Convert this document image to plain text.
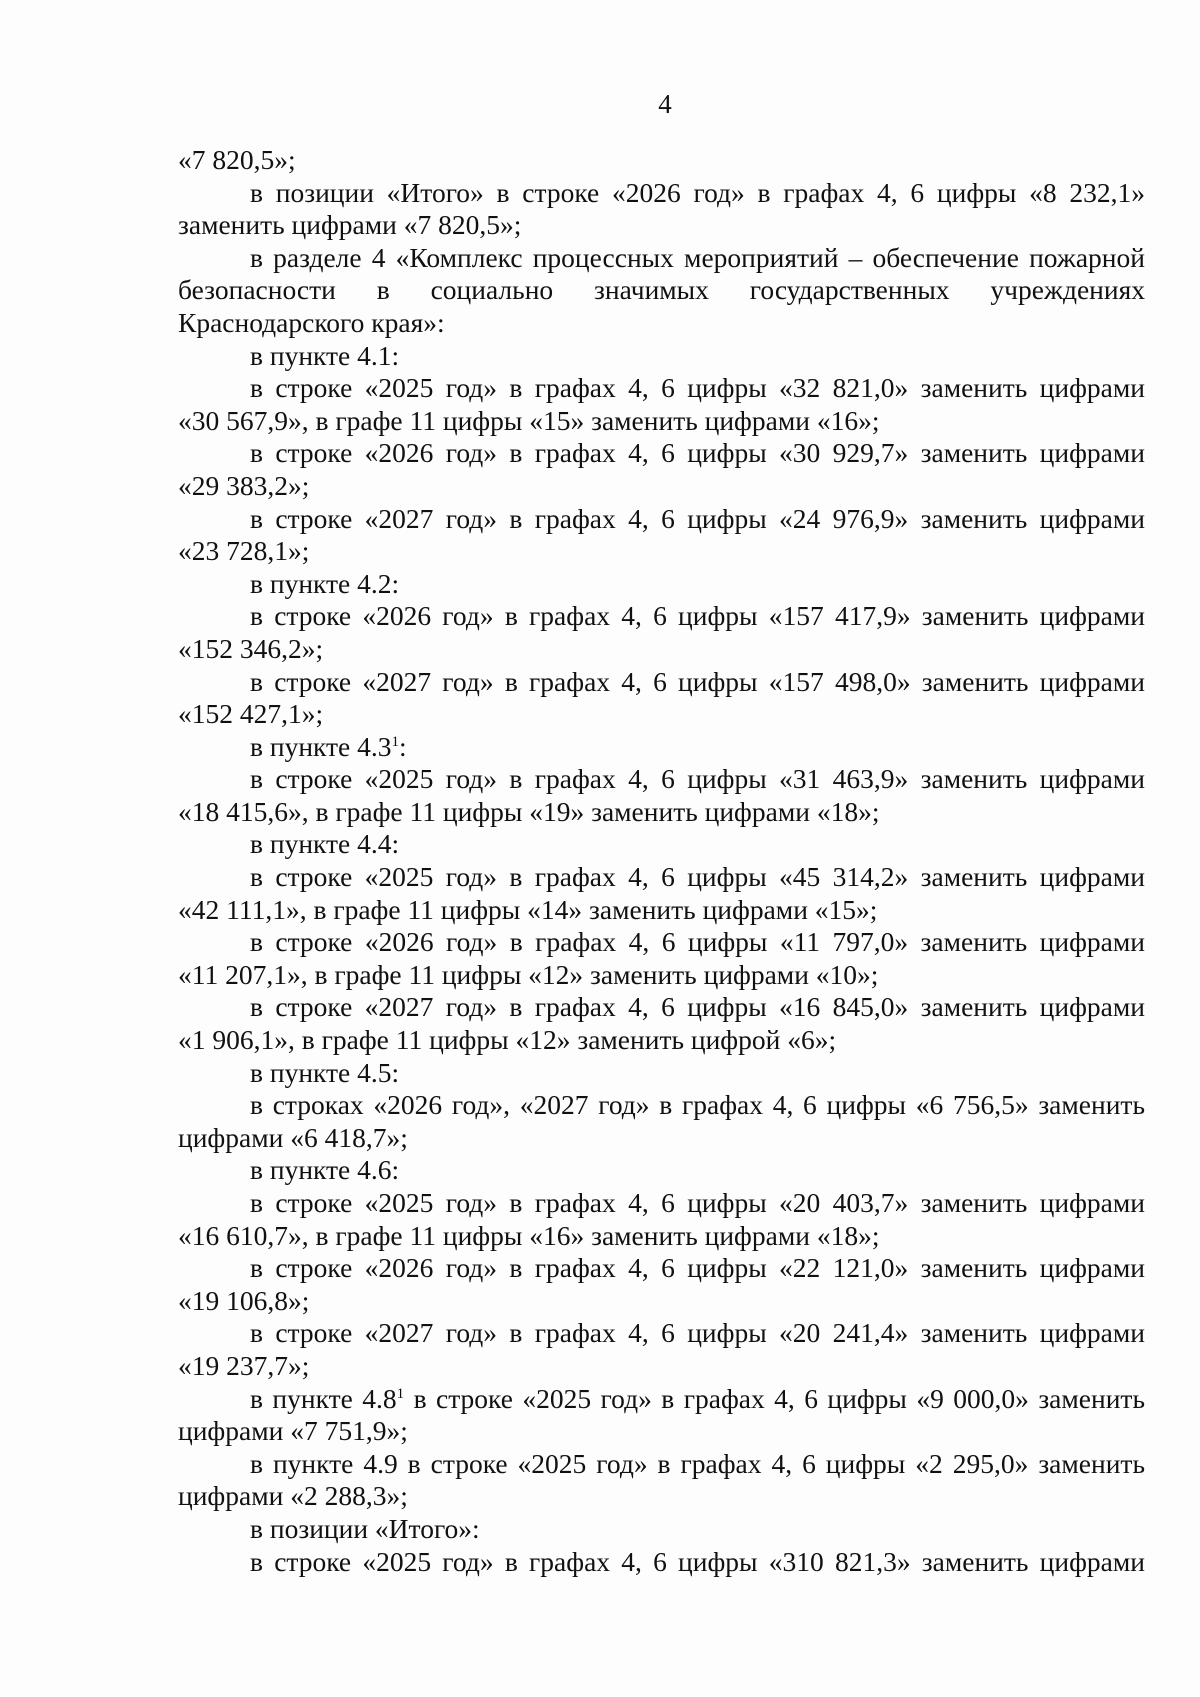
4
«7 820,5»;
в позиции «Итого» в строке «2026 год» в графах 4, 6 цифры «8 232,1»
заменить цифрами «7 820,5»;
в разделе 4 «Комплекс процессных мероприятий – обеспечение пожарной
безопасности в социально значимых государственных учреждениях
Краснодарского края»:
в пункте 4.1:
в строке «2025 год» в графах 4, 6 цифры «32 821,0» заменить цифрами
«30 567,9», в графе 11 цифры «15» заменить цифрами «16»;
в строке «2026 год» в графах 4, 6 цифры «30 929,7» заменить цифрами
«29 383,2»;
в строке «2027 год» в графах 4, 6 цифры «24 976,9» заменить цифрами
«23 728,1»;
в пункте 4.2:
в строке «2026 год» в графах 4, 6 цифры «157 417,9» заменить цифрами
«152 346,2»;
в строке «2027 год» в графах 4, 6 цифры «157 498,0» заменить цифрами
«152 427,1»;
в пункте $4.3^1$:
в строке «2025 год» в графах 4, 6 цифры «31 463,9» заменить цифрами
«18 415,6», в графе 11 цифры «19» заменить цифрами «18»;
в пункте 4.4:
в строке «2025 год» в графах 4, 6 цифры «45 314,2» заменить цифрами
«42 111,1», в графе 11 цифры «14» заменить цифрами «15»;
в строке «2026 год» в графах 4, 6 цифры «11 797,0» заменить цифрами
«11 207,1», в графе 11 цифры «12» заменить цифрами «10»;
в строке «2027 год» в графах 4, 6 цифры «16 845,0» заменить цифрами
«1 906,1», в графе 11 цифры «12» заменить цифрой «6»;
в пункте 4.5:
в строках «2026 год», «2027 год» в графах 4, 6 цифры «6 756,5» заменить
цифрами «6 418,7»;
в пункте 4.6:
в строке «2025 год» в графах 4, 6 цифры «20 403,7» заменить цифрами
«16 610,7», в графе 11 цифры «16» заменить цифрами «18»;
в строке «2026 год» в графах 4, 6 цифры «22 121,0» заменить цифрами
«19 106,8»;
в строке «2027 год» в графах 4, 6 цифры «20 241,4» заменить цифрами
«19 237,7»;
в пункте $4.8^1$ в строке «2025 год» в графах 4, 6 цифры «9 000,0» заменить
цифрами «7 751,9»;
в пункте 4.9 в строке «2025 год» в графах 4, 6 цифры «2 295,0» заменить
цифрами «2 288,3»;
в позиции «Итого»:
в строке «2025 год» в графах 4, 6 цифры «310 821,3» заменить цифрами
